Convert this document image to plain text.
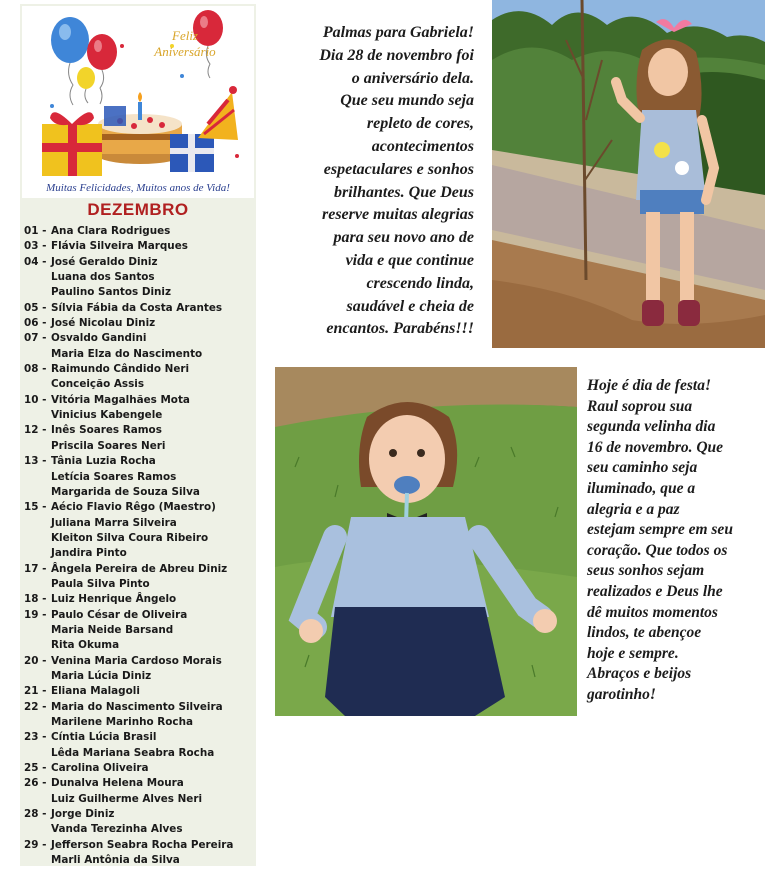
Feliz
Aniversário
Muitas Felicidades, Muitos anos de Vida!
DEZEMBRO
01 - Ana Clara Rodrigues
03 - Flávia Silveira Marques
04 - José Geraldo Diniz
Luana dos Santos
Paulino Santos Diniz
05 - Sílvia Fábia da Costa Arantes
06 - José Nicolau Diniz
07 - Osvaldo Gandini
Maria Elza do Nascimento
08 - Raimundo Cândido Neri
Conceição Assis
10 - Vitória Magalhães Mota
Vinicius Kabengele
12 - Inês Soares Ramos
Priscila Soares Neri
13 - Tânia Luzia Rocha
Letícia Soares Ramos
Margarida de Souza Silva
15 - Aécio Flavio Rêgo (Maestro)
Juliana Marra Silveira
Kleiton Silva Coura Ribeiro
Jandira Pinto
17 - Ângela Pereira de Abreu Diniz
Paula Silva Pinto
18 - Luiz Henrique Ângelo
19 - Paulo César de Oliveira
Maria Neide Barsand
Rita Okuma
20 - Venina Maria Cardoso Morais
Maria Lúcia Diniz
21 - Eliana Malagoli
22 - Maria do Nascimento Silveira
Marilene Marinho Rocha
23 - Cíntia Lúcia Brasil
Lêda Mariana Seabra Rocha
25 - Carolina Oliveira
26 - Dunalva Helena Moura
Luiz Guilherme Alves Neri
28 - Jorge Diniz
Vanda Terezinha Alves
29 - Jefferson Seabra Rocha Pereira
Marli Antônia da Silva
Palmas para Gabriela!
Dia 28 de novembro foi
o aniversário dela.
Que seu mundo seja
repleto de cores,
acontecimentos
espetaculares e sonhos
brilhantes. Que Deus
reserve muitas alegrias
para seu novo ano de
vida e que continue
crescendo linda,
saudável e cheia de
encantos. Parabéns!!!
Hoje é dia de festa!
Raul soprou sua
segunda velinha dia
16 de novembro. Que
seu caminho seja
iluminado, que a
alegria e a paz
estejam sempre em seu
coração. Que todos os
seus sonhos sejam
realizados e Deus lhe
dê muitos momentos
lindos, te abençoe
hoje e sempre.
Abraços e beijos
garotinho!
